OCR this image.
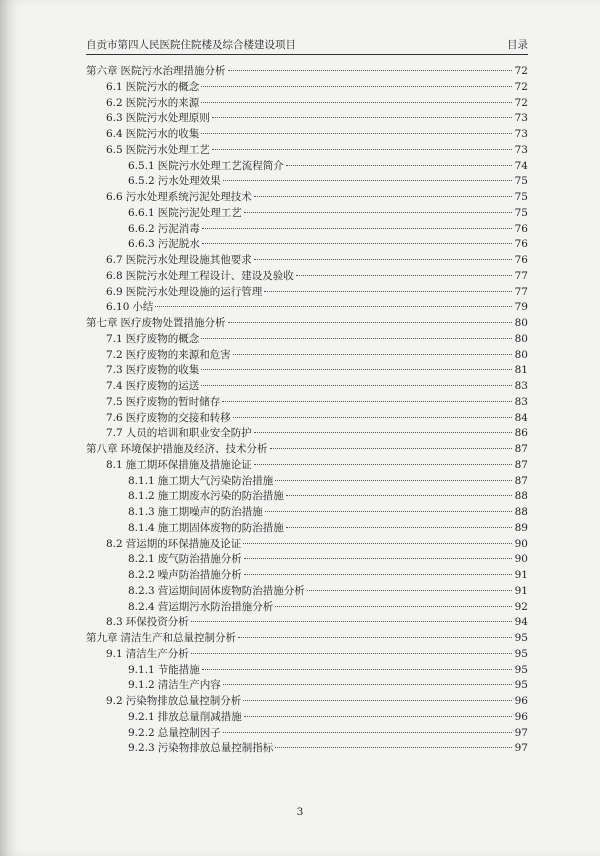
自贡市第四人民医院住院楼及综合楼建设项目	目录
第六章 医院污水治理措施分析	72
6.1 医院污水的概念	72
6.2 医院污水的来源	72
6.3 医院污水处理原则	73
6.4 医院污水的收集	73
6.5 医院污水处理工艺	73
6.5.1 医院污水处理工艺流程简介	74
6.5.2 污水处理效果	75
6.6 污水处理系统污泥处理技术	75
6.6.1 医院污泥处理工艺	75
6.6.2 污泥消毒	76
6.6.3 污泥脱水	76
6.7 医院污水处理设施其他要求	76
6.8 医院污水处理工程设计、建设及验收	77
6.9 医院污水处理设施的运行管理	77
6.10 小结	79
第七章 医疗废物处置措施分析	80
7.1 医疗废物的概念	80
7.2 医疗废物的来源和危害	80
7.3 医疗废物的收集	81
7.4 医疗废物的运送	83
7.5 医疗废物的暂时储存	83
7.6 医疗废物的交接和转移	84
7.7 人员的培训和职业安全防护	86
第八章 环境保护措施及经济、技术分析	87
8.1 施工期环保措施及措施论证	87
8.1.1 施工期大气污染防治措施	87
8.1.2 施工期废水污染的防治措施	88
8.1.3 施工期噪声的防治措施	88
8.1.4 施工期固体废物的防治措施	89
8.2 营运期的环保措施及论证	90
8.2.1 废气防治措施分析	90
8.2.2 噪声防治措施分析	91
8.2.3 营运期间固体废物防治措施分析	91
8.2.4 营运期污水防治措施分析	92
8.3 环保投资分析	94
第九章 清洁生产和总量控制分析	95
9.1 清洁生产分析	95
9.1.1 节能措施	95
9.1.2 清洁生产内容	95
9.2 污染物排放总量控制分析	96
9.2.1 排放总量削减措施	96
9.2.2 总量控制因子	97
9.2.3 污染物排放总量控制指标	97
3
